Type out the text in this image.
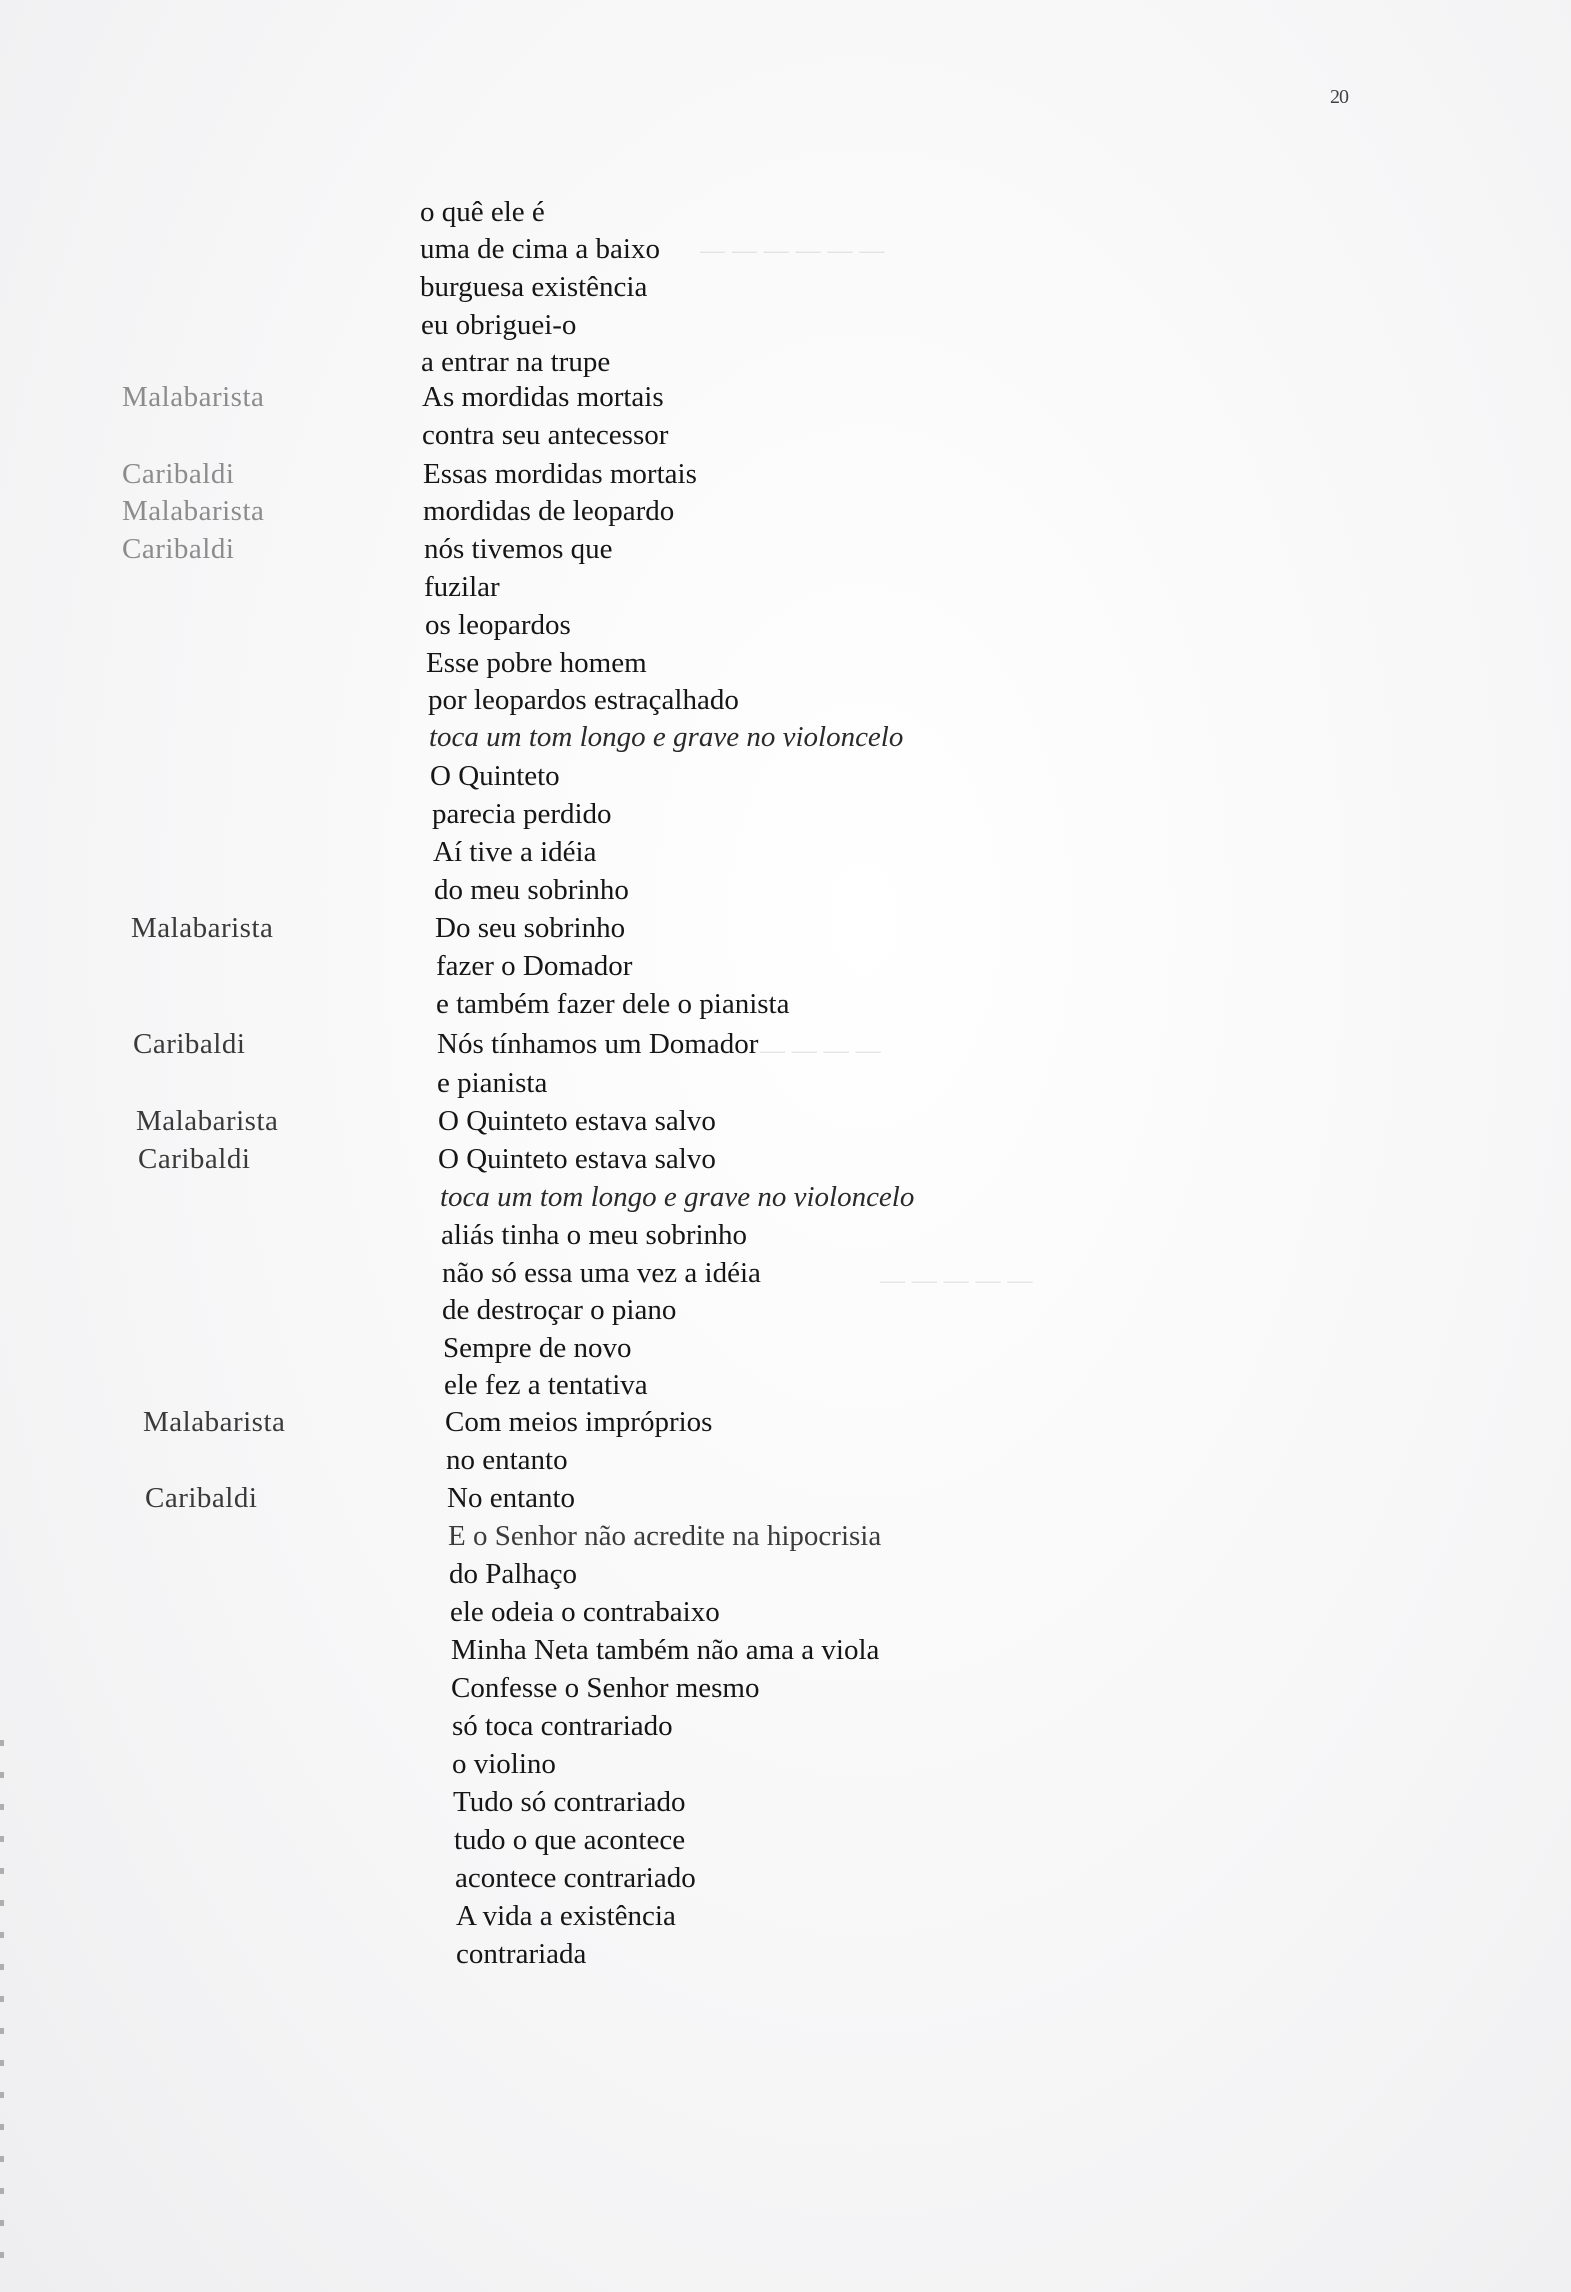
20
Malabarista
Caribaldi
Malabarista
Caribaldi
Malabarista
Caribaldi
Malabarista
Caribaldi
Malabarista
Caribaldi
— — — — — —
— — — —
— — — — —
o quê ele é
uma de cima a baixo
burguesa existência
eu obriguei-o
a entrar na trupe
As mordidas mortais
contra seu antecessor
Essas mordidas mortais
mordidas de leopardo
nós tivemos que
fuzilar
os leopardos
Esse pobre homem
por leopardos estraçalhado
toca um tom longo e grave no violoncelo
O Quinteto
parecia perdido
Aí tive a idéia
do meu sobrinho
Do seu sobrinho
fazer o Domador
e também fazer dele o pianista
Nós tínhamos um Domador
e pianista
O Quinteto estava salvo
O Quinteto estava salvo
toca um tom longo e grave no violoncelo
aliás tinha o meu sobrinho
não só essa uma vez a idéia
de destroçar o piano
Sempre de novo
ele fez a tentativa
Com meios impróprios
no entanto
No entanto
E o Senhor não acredite na hipocrisia
do Palhaço
ele odeia o contrabaixo
Minha Neta também não ama a viola
Confesse o Senhor mesmo
só toca contrariado
o violino
Tudo só contrariado
tudo o que acontece
acontece contrariado
A vida a existência
contrariada
